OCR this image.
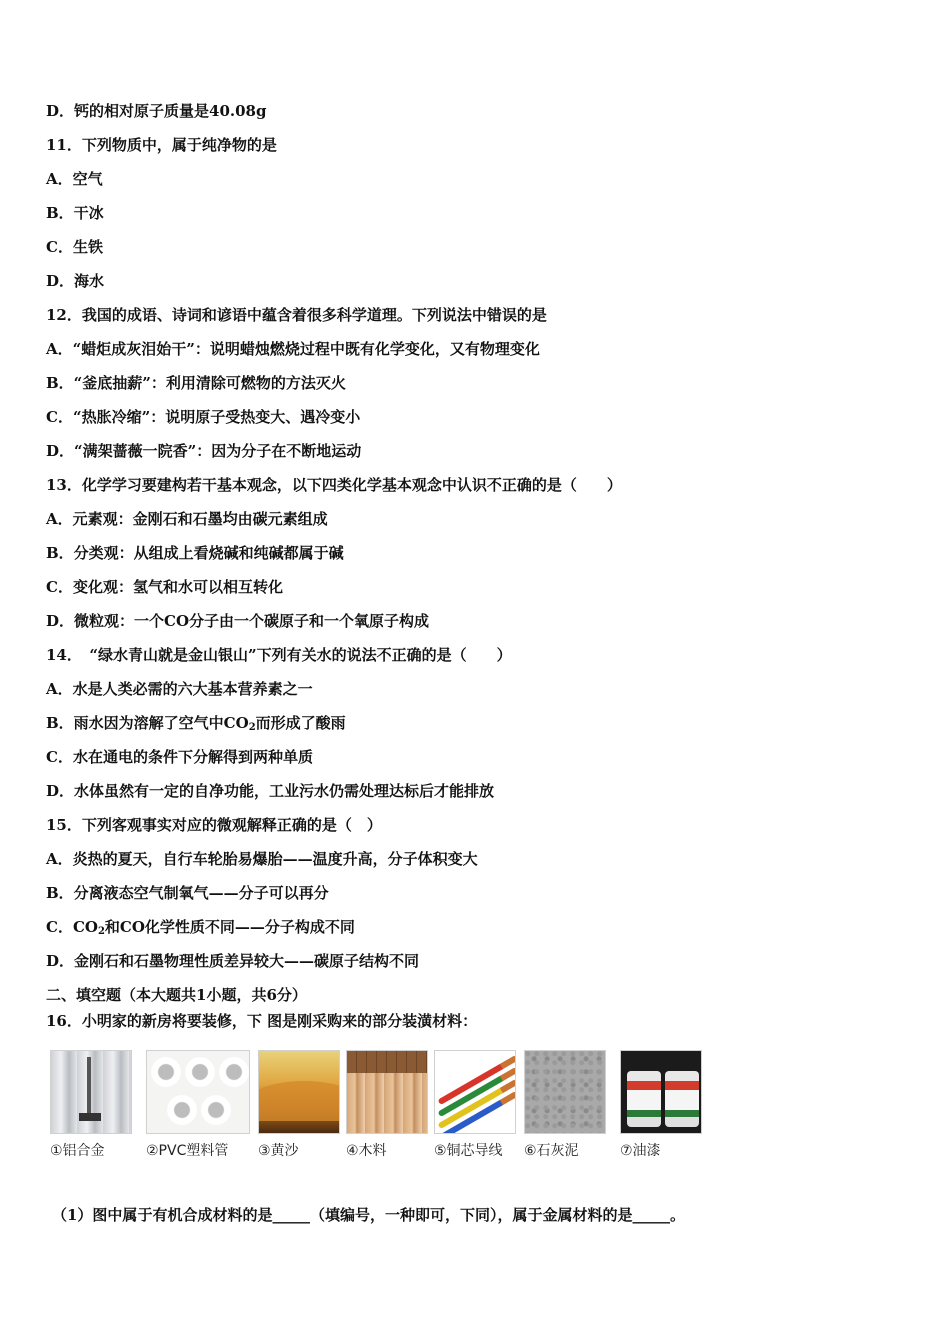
D．钙的相对原子质量是40.08g
11．下列物质中，属于纯净物的是
A．空气
B．干冰
C．生铁
D．海水
12．我国的成语、诗词和谚语中蕴含着很多科学道理。下列说法中错误的是
A．“蜡炬成灰泪始干”：说明蜡烛燃烧过程中既有化学变化，又有物理变化
B．“釜底抽薪”：利用清除可燃物的方法灭火
C．“热胀冷缩”：说明原子受热变大、遇冷变小
D．“满架蔷薇一院香”：因为分子在不断地运动
13．化学学习要建构若干基本观念，以下四类化学基本观念中认识不正确的是（　　）
A．元素观：金刚石和石墨均由碳元素组成
B．分类观：从组成上看烧碱和纯碱都属于碱
C．变化观：氢气和水可以相互转化
D．微粒观：一个CO分子由一个碳原子和一个氧原子构成
14．　“绿水青山就是金山银山”下列有关水的说法不正确的是（　　）
A．水是人类必需的六大基本营养素之一
B．雨水因为溶解了空气中$CO_2$而形成了酸雨
C．水在通电的条件下分解得到两种单质
D．水体虽然有一定的自净功能，工业污水仍需处理达标后才能排放
15．下列客观事实对应的微观解释正确的是（　）
A．炎热的夏天，自行车轮胎易爆胎——温度升高，分子体积变大
B．分离液态空气制氧气——分子可以再分
C．$CO_2$和CO化学性质不同——分子构成不同
D．金刚石和石墨物理性质差异较大——碳原子结构不同
二、填空题（本大题共1小题，共6分）
16．小明家的新房将要装修，下 图是刚采购来的部分装潢材料：
①铝合金	②PVC塑料管	③黄沙	④木料	⑤铜芯导线	⑥石灰泥	⑦油漆
（1）图中属于有机合成材料的是_____（填编号，一种即可，下同），属于金属材料的是_____。
